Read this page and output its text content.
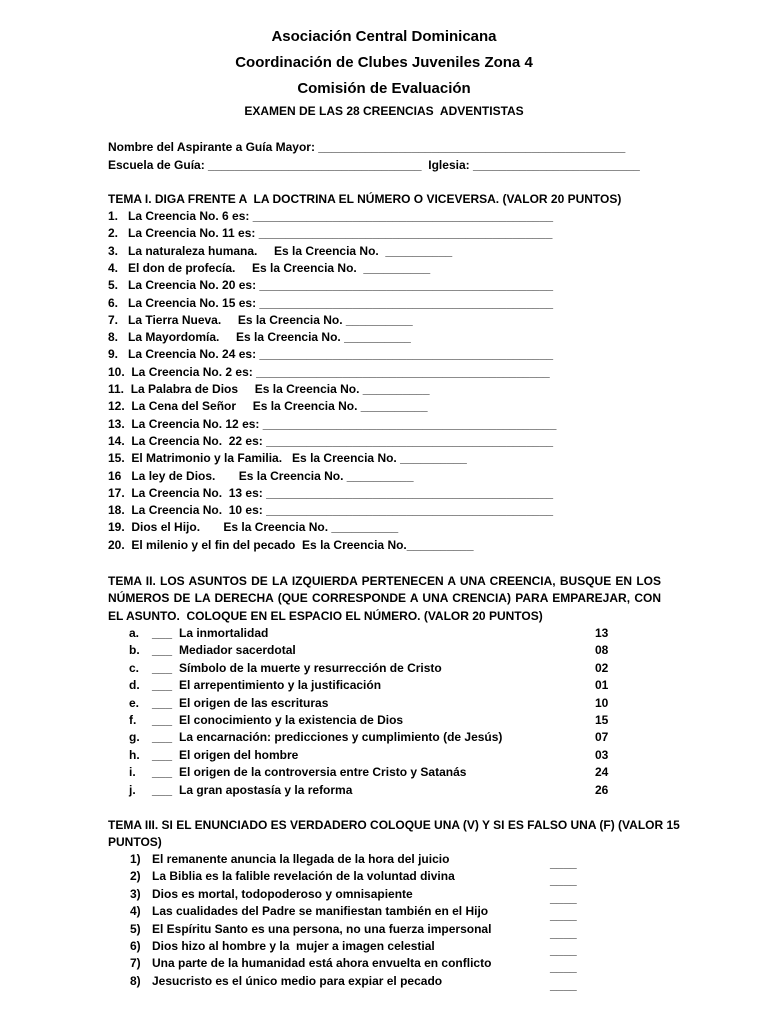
Asociación Central Dominicana
Coordinación de Clubes Juveniles Zona 4
Comisión de Evaluación
EXAMEN DE LAS 28 CREENCIAS  ADVENTISTAS
Nombre del Aspirante a Guía Mayor: ______________________________________________
Escuela de Guía: ________________________________  Iglesia: _________________________
TEMA I. DIGA FRENTE A  LA DOCTRINA EL NÚMERO O VICEVERSA. (VALOR 20 PUNTOS)
1.   La Creencia No. 6 es: _____________________________________________
2.   La Creencia No. 11 es: ____________________________________________
3.   La naturaleza humana.     Es la Creencia No.  __________
4.   El don de profecía.     Es la Creencia No.  __________
5.   La Creencia No. 20 es: ____________________________________________
6.   La Creencia No. 15 es: ____________________________________________
7.   La Tierra Nueva.     Es la Creencia No. __________
8.   La Mayordomía.     Es la Creencia No. __________
9.   La Creencia No. 24 es: ____________________________________________
10.  La Creencia No. 2 es: ____________________________________________
11.  La Palabra de Dios     Es la Creencia No. __________
12.  La Cena del Señor     Es la Creencia No. __________
13.  La Creencia No. 12 es: ____________________________________________
14.  La Creencia No.  22 es: ___________________________________________
15.  El Matrimonio y la Familia.   Es la Creencia No. __________
16   La ley de Dios.       Es la Creencia No. __________
17.  La Creencia No.  13 es: ___________________________________________
18.  La Creencia No.  10 es: ___________________________________________
19.  Dios el Hijo.       Es la Creencia No. __________
20.  El milenio y el fin del pecado  Es la Creencia No.__________
TEMA II. LOS ASUNTOS DE LA IZQUIERDA PERTENECEN A UNA CREENCIA, BUSQUE EN LOS
NÚMEROS DE LA DERECHA (QUE CORRESPONDE A UNA CRENCIA) PARA EMPAREJAR, CON
EL ASUNTO.  COLOQUE EN EL ESPACIO EL NÚMERO. (VALOR 20 PUNTOS)
a. ___ La inmortalidad	13
b. ___ Mediador sacerdotal	08
c. ___ Símbolo de la muerte y resurrección de Cristo	02
d. ___ El arrepentimiento y la justificación	01
e. ___ El origen de las escrituras	10
f. ___ El conocimiento y la existencia de Dios	15
g. ___ La encarnación: predicciones y cumplimiento (de Jesús)	07
h. ___ El origen del hombre	03
i. ___ El origen de la controversia entre Cristo y Satanás	24
j. ___ La gran apostasía y la reforma	26
TEMA III. SI EL ENUNCIADO ES VERDADERO COLOQUE UNA (V) Y SI ES FALSO UNA (F) (VALOR 15
PUNTOS)
1) El remanente anuncia la llegada de la hora del juicio	____
2) La Biblia es la falible revelación de la voluntad divina	____
3) Dios es mortal, todopoderoso y omnisapiente	____
4) Las cualidades del Padre se manifiestan también en el Hijo	____
5) El Espíritu Santo es una persona, no una fuerza impersonal	____
6) Dios hizo al hombre y la  mujer a imagen celestial	____
7) Una parte de la humanidad está ahora envuelta en conflicto	____
8) Jesucristo es el único medio para expiar el pecado	____
